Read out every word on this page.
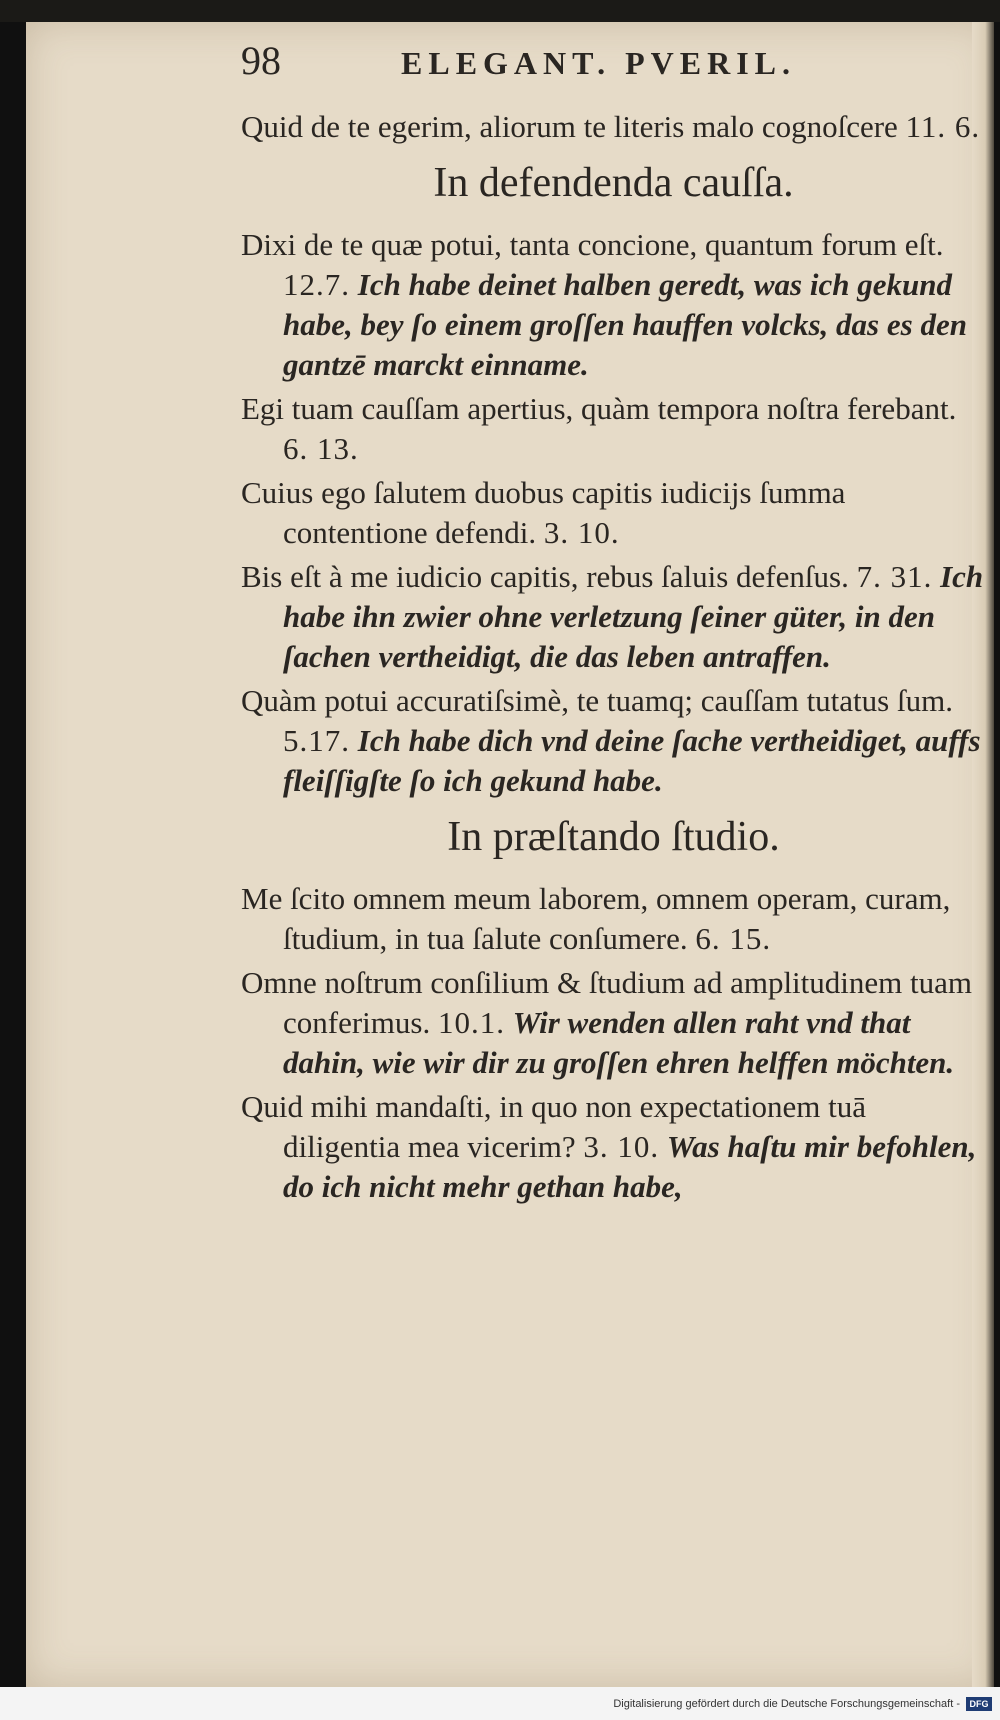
98	ELEGANT. PVERIL.

Quid de te egerim, aliorum te literis malo cognoſcere 11. 6.

In defendenda cauſſa.

Dixi de te quæ potui, tanta concione, quantum forum eſt. 12.7. Ich habe deinet halben geredt, was ich gekund habe, bey ſo einem groſſen hauffen volcks, das es den gantzē marckt einname.

Egi tuam cauſſam apertius, quàm tempora noſtra ferebant. 6. 13.

Cuius ego ſalutem duobus capitis iudicijs ſumma contentione defendi. 3. 10.

Bis eſt à me iudicio capitis, rebus ſaluis defenſus. 7. 31. Ich habe ihn zwier ohne verletzung ſeiner güter, in den ſachen vertheidigt, die das leben antraffen.

Quàm potui accuratiſsimè, te tuamq; cauſſam tutatus ſum. 5.17. Ich habe dich vnd deine ſache vertheidiget, auffs fleiſſigſte ſo ich gekund habe.

In præſtando ſtudio.

Me ſcito omnem meum laborem, omnem operam, curam, ſtudium, in tua ſalute conſumere. 6. 15.

Omne noſtrum conſilium & ſtudium ad amplitudinem tuam conferimus. 10.1. Wir wenden allen raht vnd that dahin, wie wir dir zu groſſen ehren helffen möchten.

Quid mihi mandaſti, in quo non expectationem tuā diligentia mea vicerim? 3. 10. Was haſtu mir befohlen, do ich nicht mehr gethan habe,

Digitalisierung gefördert durch die Deutsche Forschungsgemeinschaft -	DFG
